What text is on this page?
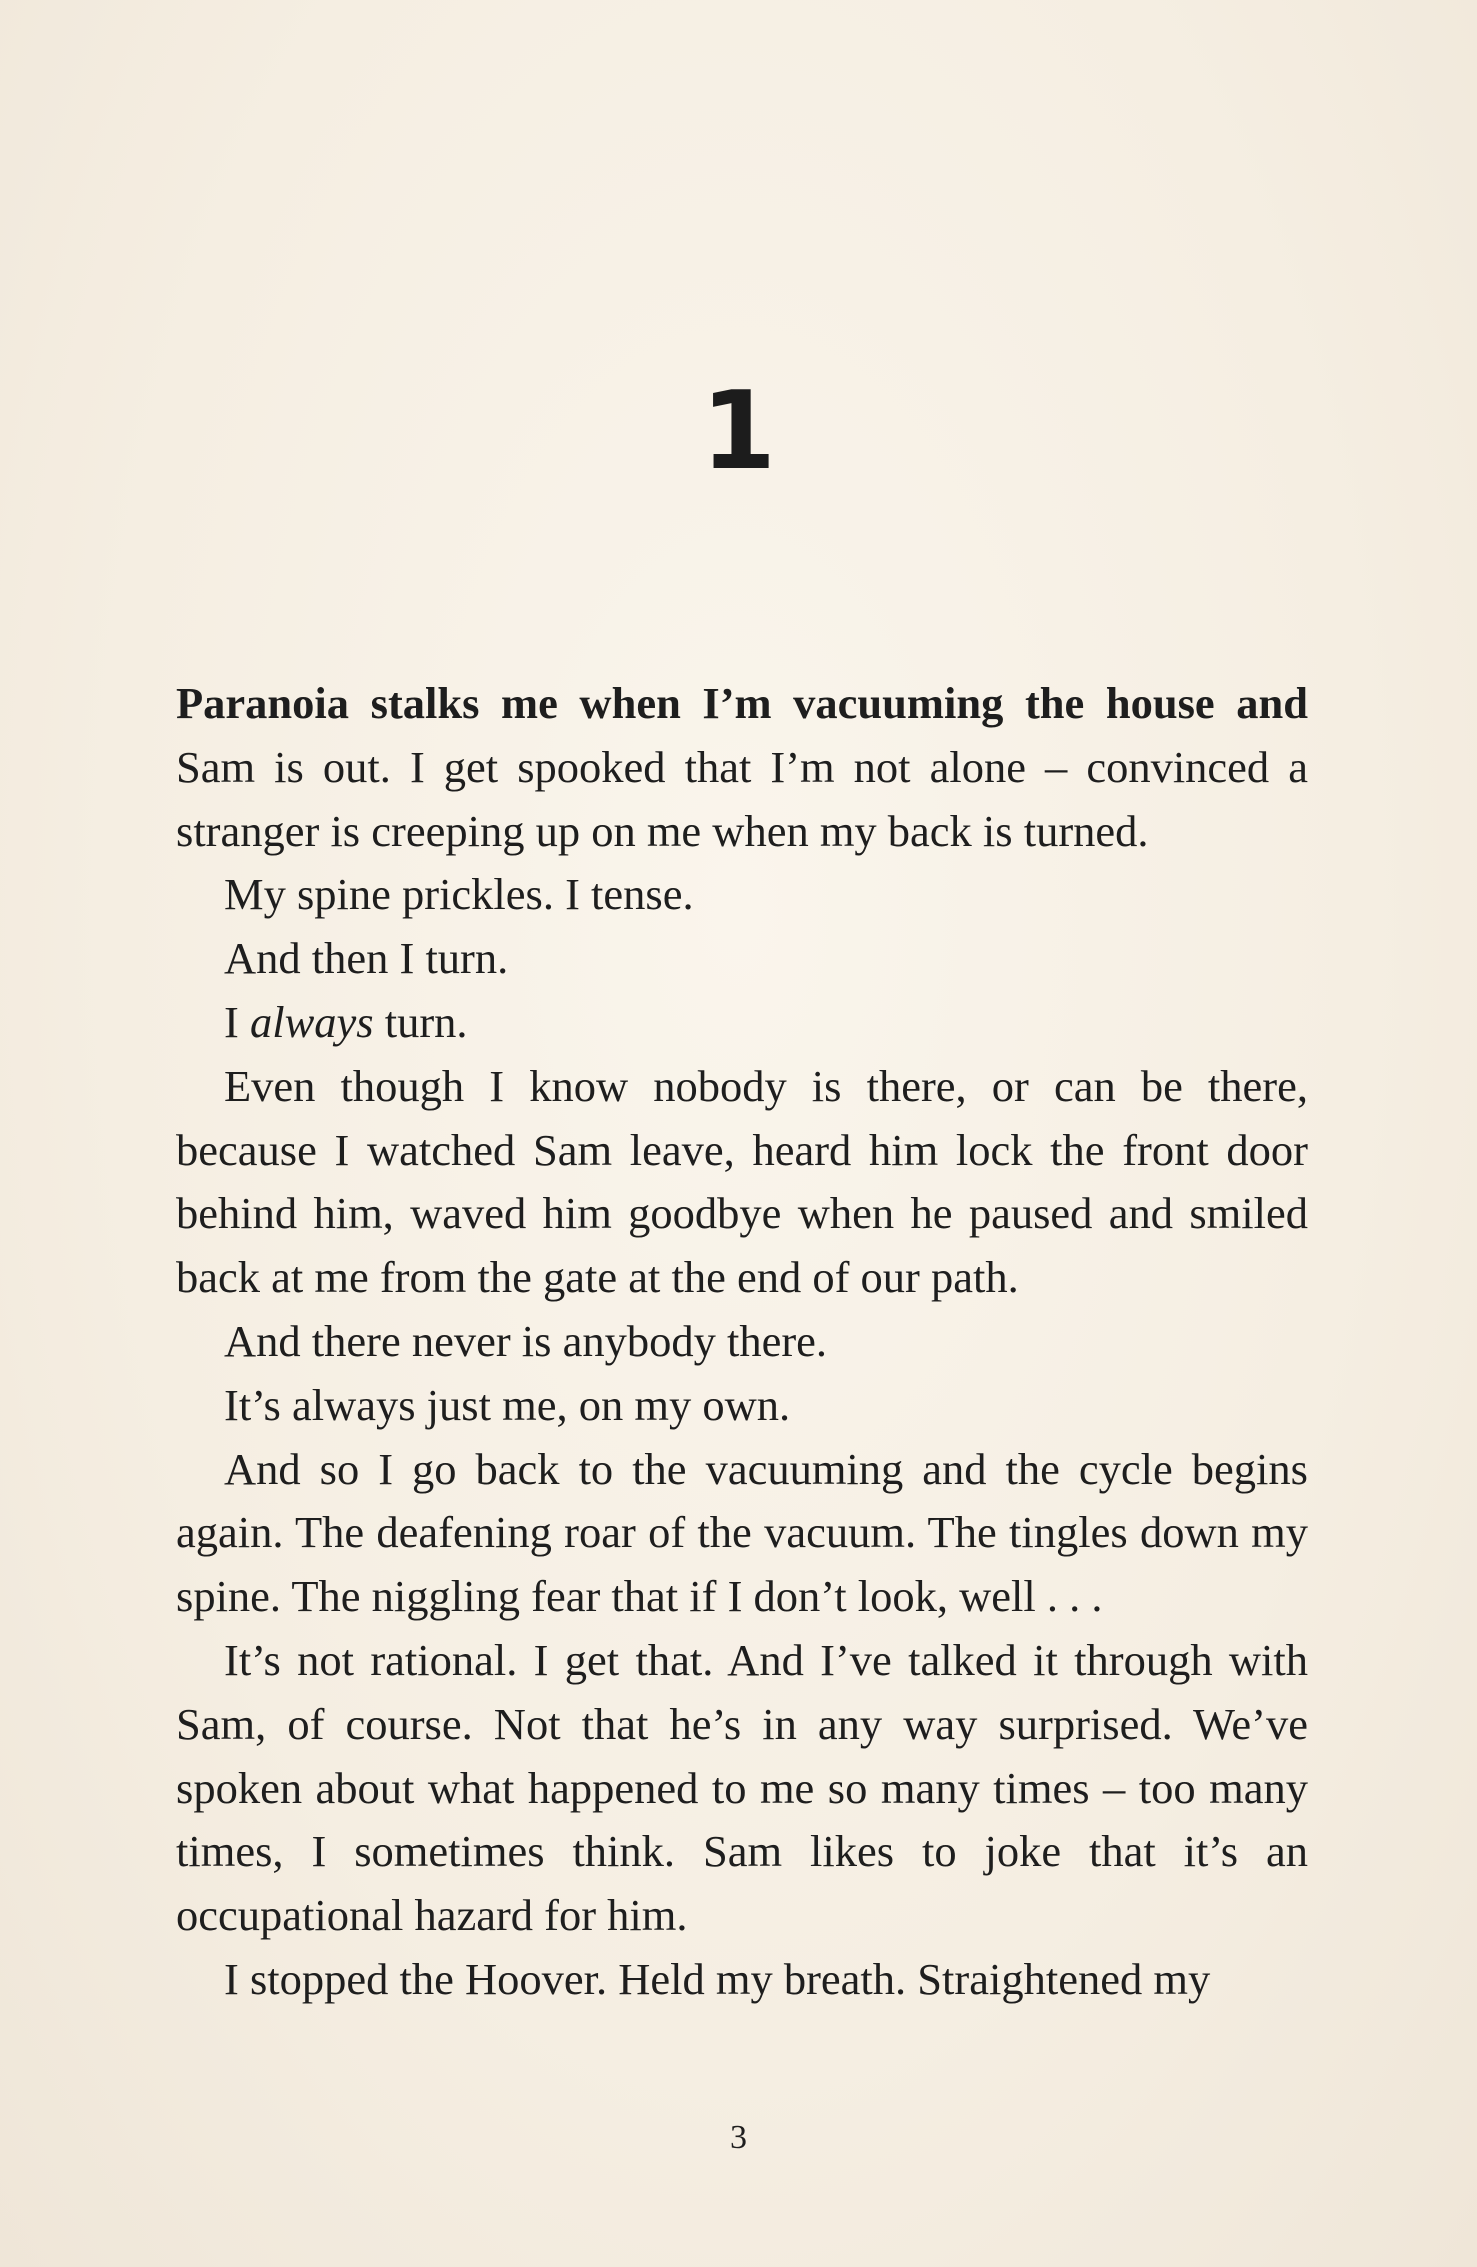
1

Paranoia stalks me when I’m vacuuming the house and Sam is out. I get spooked that I’m not alone – convinced a stranger is creeping up on me when my back is turned.

My spine prickles. I tense.

And then I turn.

I always turn.

Even though I know nobody is there, or can be there, because I watched Sam leave, heard him lock the front door behind him, waved him goodbye when he paused and smiled back at me from the gate at the end of our path.

And there never is anybody there.

It’s always just me, on my own.

And so I go back to the vacuuming and the cycle begins again. The deafening roar of the vacuum. The tingles down my spine. The niggling fear that if I don’t look, well . . .

It’s not rational. I get that. And I’ve talked it through with Sam, of course. Not that he’s in any way surprised. We’ve spoken about what happened to me so many times – too many times, I sometimes think. Sam likes to joke that it’s an occupational hazard for him.

I stopped the Hoover. Held my breath. Straightened my

3
